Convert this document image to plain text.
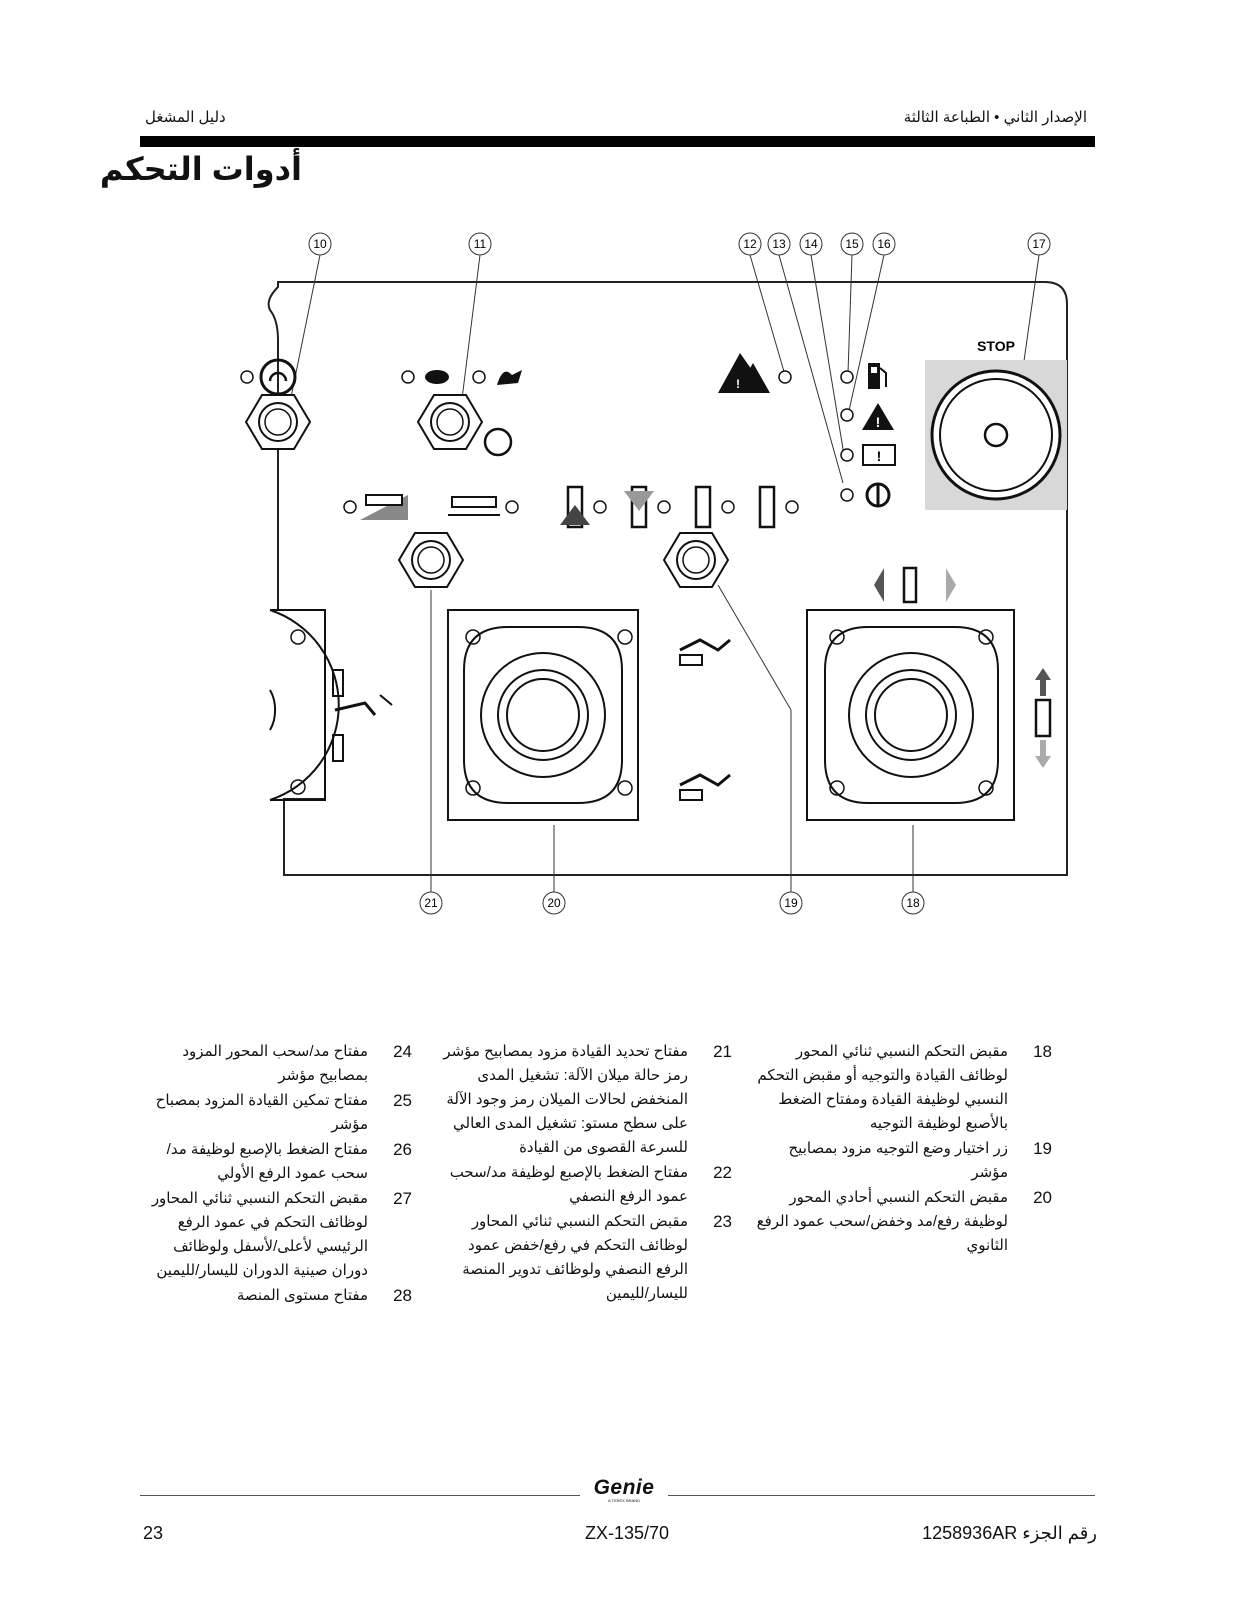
دليل المشغل	الإصدار الثاني • الطباعة الثالثة
أدوات التحكم
10	11	12 13 14 15 16	17
21	20	19	18
STOP
!
!
!
18
مقبض التحكم النسبي ثنائي المحور لوظائف القيادة والتوجيه أو مقبض التحكم النسبي لوظيفة القيادة ومفتاح الضغط بالأصبع لوظيفة التوجيه
19
زر اختيار وضع التوجيه مزود بمصابيح مؤشر
20
مقبض التحكم النسبي أحادي المحور لوظيفة رفع/مد وخفض/سحب عمود الرفع الثانوي
21
مفتاح تحديد القيادة مزود بمصابيح مؤشر رمز حالة ميلان الآلة: تشغيل المدى المنخفض لحالات الميلان رمز وجود الآلة على سطح مستو: تشغيل المدى العالي للسرعة القصوى من القيادة
22
مفتاح الضغط بالإصبع لوظيفة مد/سحب عمود الرفع النصفي
23
مقبض التحكم النسبي ثنائي المحاور لوظائف التحكم في رفع/خفض عمود الرفع النصفي ولوظائف تدوير المنصة لليسار/لليمين
24
مفتاح مد/سحب المحور المزود بمصابيح مؤشر
25
مفتاح تمكين القيادة المزود بمصباح مؤشر
26
مفتاح الضغط بالإصبع لوظيفة مد/سحب عمود الرفع الأولي
27
مقبض التحكم النسبي ثنائي المحاور لوظائف التحكم في عمود الرفع الرئيسي لأعلى/لأسفل ولوظائف دوران صينية الدوران لليسار/لليمين
28
مفتاح مستوى المنصة
Genie
A TEREX BRAND
23	ZX-135/70	رقم الجزء 1258936AR
